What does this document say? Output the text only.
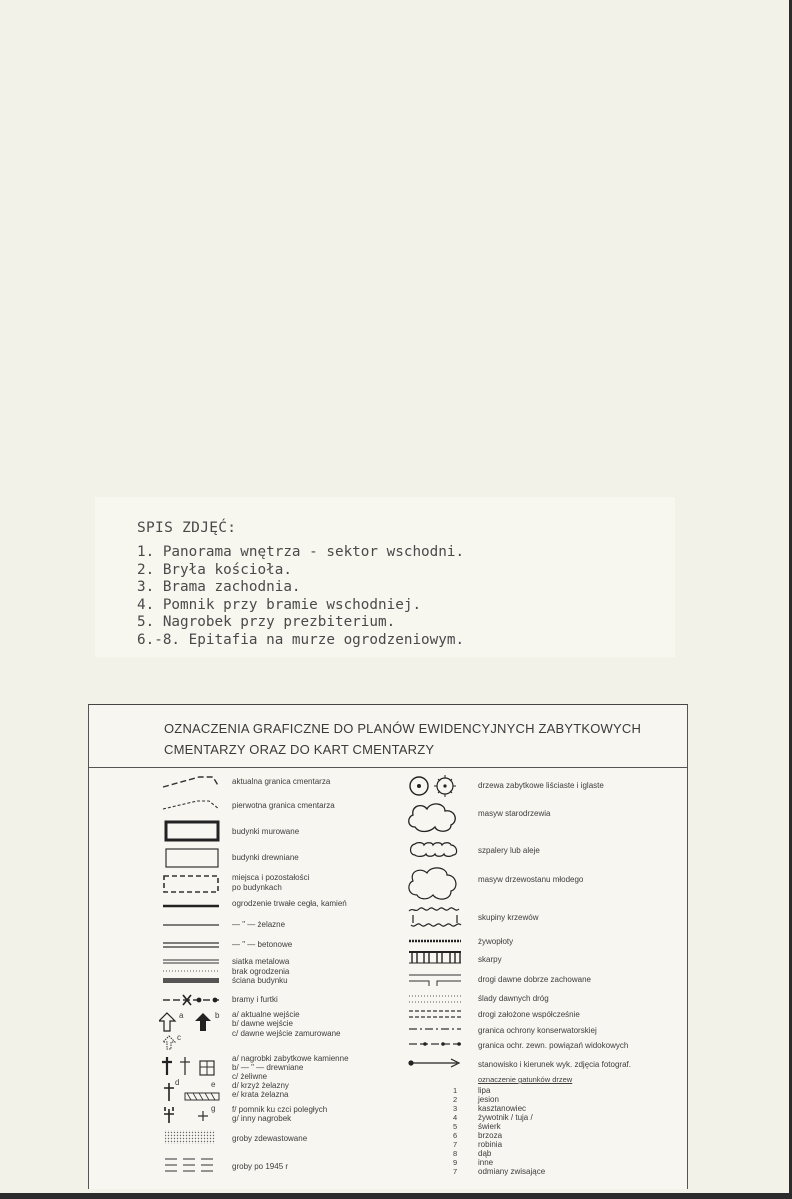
SPIS ZDJĘĆ:
1. Panorama wnętrza - sektor wschodni.
2. Bryła kościoła.
3. Brama zachodnia.
4. Pomnik przy bramie wschodniej.
5. Nagrobek przy prezbiterium.
6.-8. Epitafia na murze ogrodzeniowym.
OZNACZENIA GRAFICZNE DO PLANÓW EWIDENCYJNYCH ZABYTKOWYCH
CMENTARZY ORAZ DO KART CMENTARZY
aktualna granica cmentarza
pierwotna granica cmentarza
budynki murowane
budynki drewniane
miejsca i pozostałości
po budynkach
ogrodzenie trwałe cegła, kamień
— " — żelazne
— " — betonowe
siatka metalowa
brak ogrodzenia
ściana budynku
bramy i furtki
a	b
c
a/ aktualne wejście
b/ dawne wejście
c/ dawne wejście zamurowane
a/ nagrobki zabytkowe kamienne
b/ — " — drewniane
c/ żeliwne
d	e d/ krzyż żelazny
e/ krata żelazna
g f/ pomnik ku czci poległych
g/ inny nagrobek
groby zdewastowane
groby po 1945 r
drzewa zabytkowe liściaste i iglaste
masyw starodrzewia
szpalery lub aleje
masyw drzewostanu młodego
skupiny krzewów
żywopłoty
skarpy
drogi dawne dobrze zachowane
ślady dawnych dróg
drogi założone współcześnie
granica ochrony konserwatorskiej
granica ochr. zewn. powiązań widokowych
stanowisko i kierunek wyk. zdjęcia fotograf.
oznaczenie gatunków drzew
1	lipa
2	jesion
3	kasztanowiec
4	żywotnik / tuja /
5	świerk
6	brzoza
7	robinia
8	dąb
9	inne
7	odmiany zwisające
